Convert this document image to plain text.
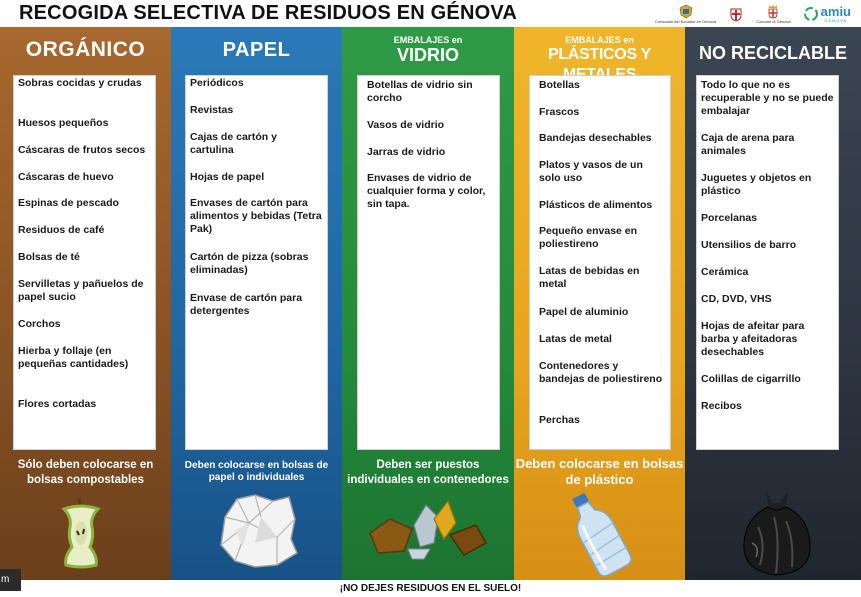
RECOGIDA SELECTIVA DE RESIDUOS EN GÉNOVA	Consolato del Ecuador en Génova	Comune di Genova
amiu
GENOVA
ORGÁNICO
Sobras cocidas y crudas
Huesos pequeños
Cáscaras de frutos secos
Cáscaras de huevo
Espinas de pescado
Residuos de café
Bolsas de té
Servilletas y pañuelos de papel sucio
Corchos
Hierba y follaje (en pequeñas cantidades)
Flores cortadas
Sólo deben colocarse en bolsas compostables
PAPEL
Periódicos
Revistas
Cajas de cartón y cartulina
Hojas de papel
Envases de cartón para alimentos y bebidas (Tetra Pak)
Cartón de pizza (sobras eliminadas)
Envase de cartón para detergentes
Deben colocarse en bolsas de papel o individuales
EMBALAJES en
VIDRIO
Botellas de vidrio sin corcho
Vasos de vidrio
Jarras de vidrio
Envases de vidrio de cualquier forma y color, sin tapa.
Deben ser puestos individuales en contenedores
EMBALAJES en
PLÁSTICOS Y
Botellas
Frascos
Bandejas desechables
Platos y vasos de un solo uso
Plásticos de alimentos
Pequeño envase en poliestireno
Latas de bebidas en metal
Papel de aluminio
Latas de metal
Contenedores y bandejas de poliestireno
Perchas
Deben colocarse en bolsas de plástico
NO RECICLABLE
Todo lo que no es recuperable y no se puede embalajar
Caja de arena para animales
Juguetes y objetos en plástico
Porcelanas
Utensilios de barro
Cerámica
CD, DVD, VHS
Hojas de afeitar para barba y afeitadoras desechables
Colillas de cigarrillo
Recibos
¡NO DEJES RESIDUOS EN EL SUELO!
m
